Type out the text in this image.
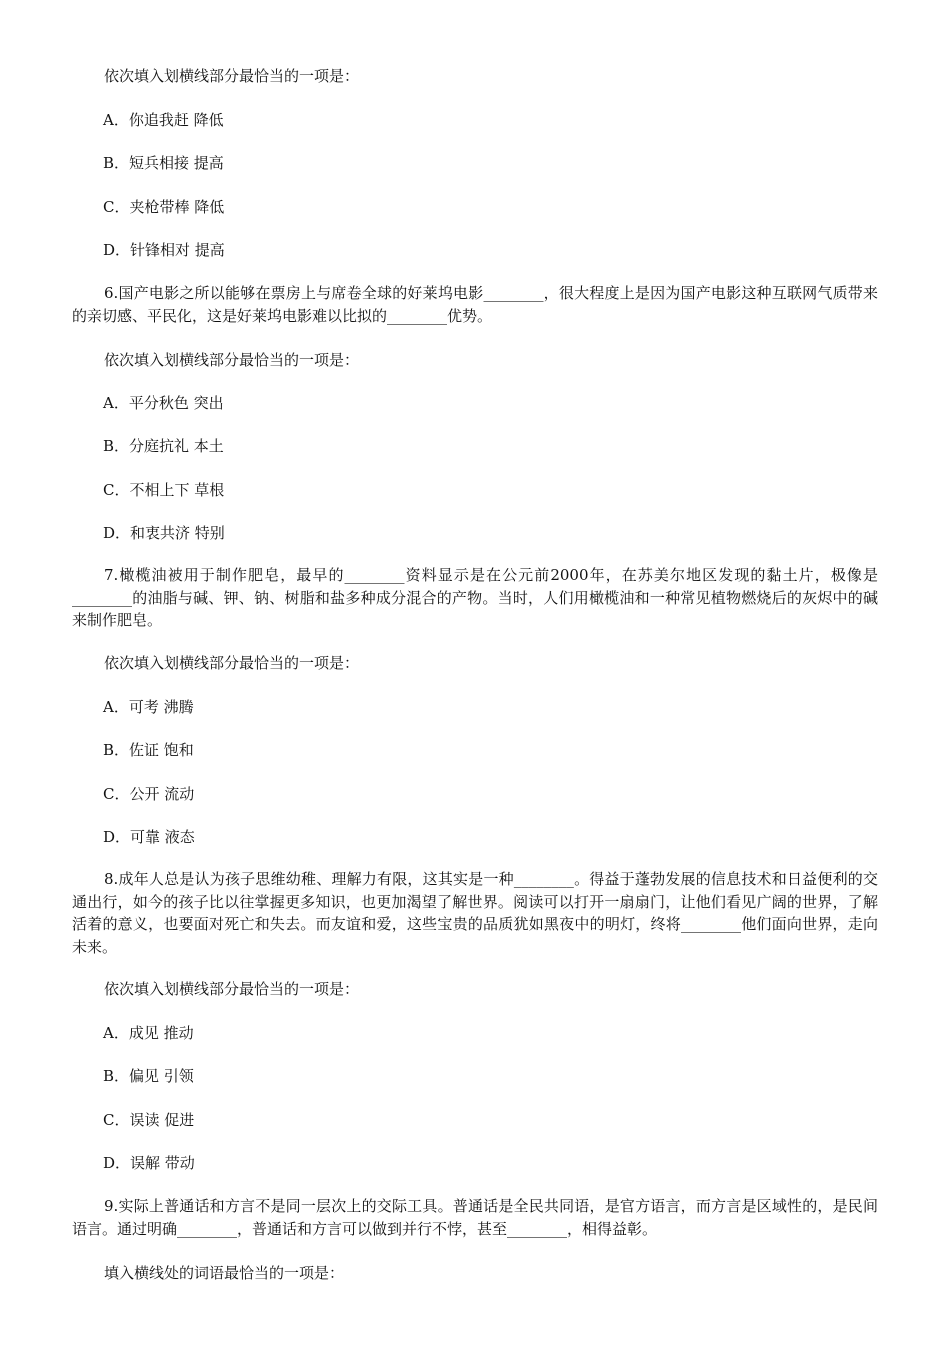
依次填入划横线部分最恰当的一项是：

A．你追我赶 降低

B．短兵相接 提高

C．夹枪带棒 降低

D．针锋相对 提高

6.国产电影之所以能够在票房上与席卷全球的好莱坞电影________，很大程度上是因为国产电影这种互联网气质带来的亲切感、平民化，这是好莱坞电影难以比拟的________优势。

依次填入划横线部分最恰当的一项是：

A．平分秋色 突出

B．分庭抗礼 本土

C．不相上下 草根

D．和衷共济 特别

7.橄榄油被用于制作肥皂，最早的________资料显示是在公元前2000年，在苏美尔地区发现的黏土片，极像是________的油脂与碱、钾、钠、树脂和盐多种成分混合的产物。当时，人们用橄榄油和一种常见植物燃烧后的灰烬中的碱来制作肥皂。

依次填入划横线部分最恰当的一项是：

A．可考 沸腾

B．佐证 饱和

C．公开 流动

D．可靠 液态

8.成年人总是认为孩子思维幼稚、理解力有限，这其实是一种________。得益于蓬勃发展的信息技术和日益便利的交通出行，如今的孩子比以往掌握更多知识，也更加渴望了解世界。阅读可以打开一扇扇门，让他们看见广阔的世界，了解活着的意义，也要面对死亡和失去。而友谊和爱，这些宝贵的品质犹如黑夜中的明灯，终将________他们面向世界，走向未来。

依次填入划横线部分最恰当的一项是：

A．成见 推动

B．偏见 引领

C．误读 促进

D．误解 带动

9.实际上普通话和方言不是同一层次上的交际工具。普通话是全民共同语，是官方语言，而方言是区域性的，是民间语言。通过明确________，普通话和方言可以做到并行不悖，甚至________，相得益彰。

填入横线处的词语最恰当的一项是：
